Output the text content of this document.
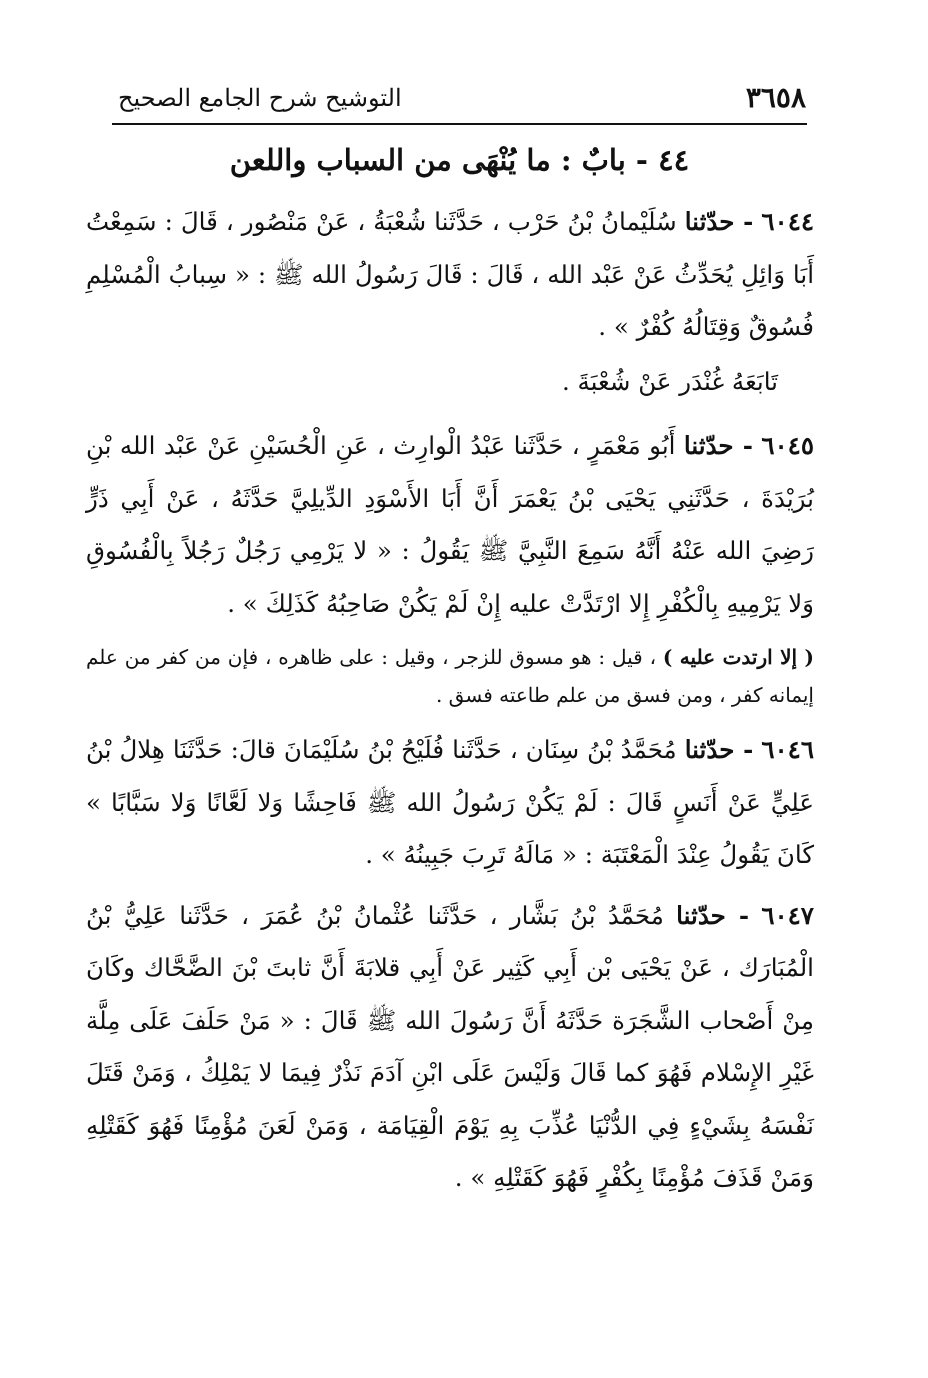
٣٦٥٨
التوشيح شرح الجامع الصحيح
٤٤ - بابٌ : ما يُنْهَى من السباب واللعن

٦٠٤٤ - حدّثنا سُلَيْمانُ بْنُ حَرْب ، حَدَّثَنا شُعْبَةُ ، عَنْ مَنْصُور ، قَالَ : سَمِعْتُ أَبَا وَائِلِ يُحَدِّثُ عَنْ عَبْد الله ، قَالَ : قَالَ رَسُولُ الله ﷺ : « سِبابُ الْمُسْلِمِ فُسُوقٌ وَقِتَالُهُ كُفْرٌ » .

تَابَعَهُ غُنْدَر عَنْ شُعْبَةَ .

٦٠٤٥ - حدّثنا أَبُو مَعْمَرٍ ، حَدَّثَنا عَبْدُ الْوارِث ، عَنِ الْحُسَيْنِ عَنْ عَبْد الله بْنِ بُرَيْدَةَ ، حَدَّثَنِي يَحْيَى بْنُ يَعْمَرَ أَنَّ أَبَا الأَسْوَدِ الدِّيلِيَّ حَدَّثَهُ ، عَنْ أَبِي ذَرٍّ رَضِيَ الله عَنْهُ أَنَّهُ سَمِعَ النَّبِيَّ ﷺ يَقُولُ : « لا يَرْمِي رَجُلٌ رَجُلاً بِالْفُسُوقِ وَلا يَرْمِيهِ بِالْكُفْرِ إِلا ارْتَدَّتْ عليه إِنْ لَمْ يَكُنْ صَاحِبُهُ كَذَلِكَ » .

( إلا ارتدت عليه ) ، قيل : هو مسوق للزجر ، وقيل : على ظاهره ، فإن من كفر من علم إيمانه كفر ، ومن فسق من علم طاعته فسق .

٦٠٤٦ - حدّثنا مُحَمَّدُ بْنُ سِنَان ، حَدَّثَنا فُلَيْحُ بْنُ سُلَيْمَانَ قالَ: حَدَّثَنَا هِلالُ بْنُ عَلِيٍّ عَنْ أَنَسٍ قَالَ : لَمْ يَكُنْ رَسُولُ الله ﷺ فَاحِشًا وَلا لَعَّانًا وَلا سَبَّابًا » كَانَ يَقُولُ عِنْدَ الْمَعْتَبَة : « مَالَهُ تَرِبَ جَبِينُهُ » .

٦٠٤٧ - حدّثنا مُحَمَّدُ بْنُ بَشَّار ، حَدَّثَنا عُثْمانُ بْنُ عُمَرَ ، حَدَّثَنا عَلِيُّ بْنُ الْمُبَارَك ، عَنْ يَحْيَى بْن أَبِي كَثِير عَنْ أَبِي قلابَةَ أَنَّ ثابتَ بْنَ الضَّحَّاك وكَانَ مِنْ أَصْحاب الشَّجَرَة حَدَّثَهُ أَنَّ رَسُولَ الله ﷺ قَالَ : « مَنْ حَلَفَ عَلَى مِلَّة غَيْرِ الإِسْلام فَهُوَ كما قَالَ وَلَيْسَ عَلَى ابْنِ آدَمَ نَذْرٌ فِيمَا لا يَمْلِكُ ، وَمَنْ قَتَلَ نَفْسَهُ بِشَيْءٍ فِي الدُّنْيَا عُذِّبَ بِهِ يَوْمَ الْقِيَامَة ، وَمَنْ لَعَنَ مُؤْمِنًا فَهُوَ كَقَتْلِهِ وَمَنْ قَذَفَ مُؤْمِنًا بِكُفْرٍ فَهُوَ كَقَتْلِهِ » .
